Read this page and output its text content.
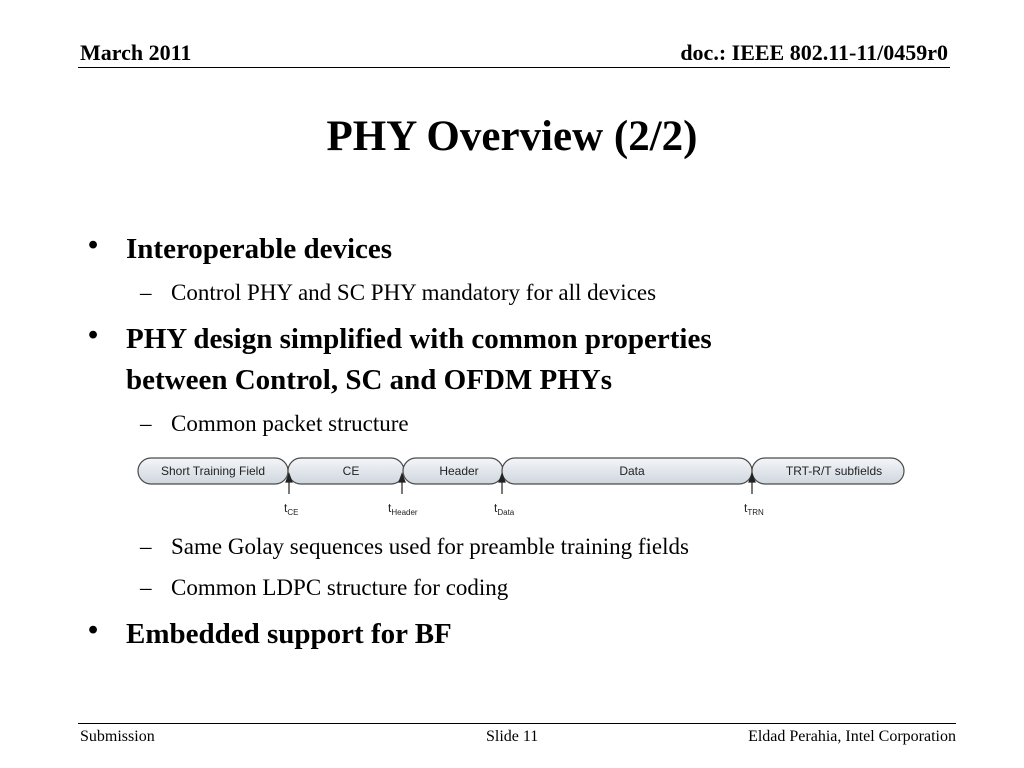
March 2011	doc.: IEEE 802.11-11/0459r0
PHY Overview (2/2)
• Interoperable devices
– Control PHY and SC PHY mandatory for all devices
• PHY design simplified with common properties
between Control, SC and OFDM PHYs
– Common packet structure
Short Training Field	CE	Header	Data	TRT-R/T subfields
$t_{CE}$	$t_{Header}$	$t_{Data}$	$t_{TRN}$
– Same Golay sequences used for preamble training fields
– Common LDPC structure for coding
• Embedded support for BF
Submission	Slide 11	Eldad Perahia, Intel Corporation
